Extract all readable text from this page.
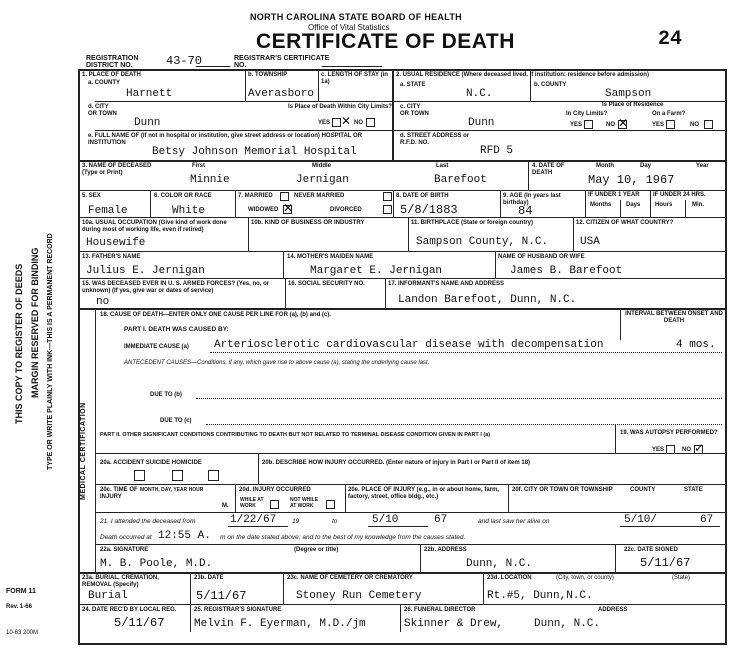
THIS COPY TO REGISTER OF DEEDS MARGIN RESERVED FOR BINDING TYPE OR WRITE PLAINLY WITH INK—THIS IS A PERMANENT RECORD	MEDICAL CERTIFICATION
FORM 11
Rev. 1-66
10-63 200M
NORTH CAROLINA STATE BOARD OF HEALTH
Office of Vital Statistics
CERTIFICATE OF DEATH	24
REGISTRATION DISTRICT NO.	43-70	REGISTRAR'S CERTIFICATE NO.
1. PLACE OF DEATH
a. COUNTY
Harnett
b. TOWNSHIP
Averasboro
c. LENGTH OF STAY (in 1a)
d. CITY OR TOWN
Dunn
Is Place of Death Within City Limits?
YES ✕ NO
e. FULL NAME OF (If not in hospital or institution, give street address or location) HOSPITAL OR INSTITUTION
Betsy Johnson Memorial Hospital
2. USUAL RESIDENCE (Where deceased lived. If institution: residence before admission)
a. STATE
N.C.
b. COUNTY
Sampson
c. CITY OR TOWN
Dunn
Is Place of Residence
In City Limits?	On a Farm?
YES	NO ✕	YES	NO
d. STREET ADDRESS or R.F.D. NO.
RFD 5
3. NAME OF DECEASED (Type or Print)
First	Middle	Last
Minnie	Jernigan	Barefoot
4. DATE OF DEATH
Month	Day	Year
May 10, 1967
5. SEX
Female
6. COLOR OR RACE
White
7. MARRIED	NEVER MARRIED
WIDOWED ✕	DIVORCED
8. DATE OF BIRTH
5/8/1883
9. AGE (In years last birthday)
84
IF UNDER 1 YEAR IF UNDER 24 HRS.
Months Days Hours	Min.
10a. USUAL OCCUPATION (Give kind of work done during most of working life, even if retired)
Housewife
10b. KIND OF BUSINESS OR INDUSTRY	11. BIRTHPLACE (State or foreign country)
Sampson County, N.C.
12. CITIZEN OF WHAT COUNTRY?
USA
13. FATHER'S NAME
Julius E. Jernigan
14. MOTHER'S MAIDEN NAME
Margaret E. Jernigan
NAME OF HUSBAND OR WIFE
James B. Barefoot
15. WAS DECEASED EVER IN U. S. ARMED FORCES? (Yes, no, or unknown) (If yes, give war or dates of service)
no
16. SOCIAL SECURITY NO.	17. INFORMANT'S NAME AND ADDRESS
Landon Barefoot, Dunn, N.C.
18. CAUSE OF DEATH—ENTER ONLY ONE CAUSE PER LINE FOR (a), (b) and (c).	INTERVAL BETWEEN ONSET AND DEATH
PART I. DEATH WAS CAUSED BY:
IMMEDIATE CAUSE (a) Arteriosclerotic cardiovascular disease with decompensation	4 mos.
ANTECEDENT CAUSES—Conditions, if any, which gave rise to above cause (a), stating the underlying cause last.
DUE TO (b)
DUE TO (c)
PART II. OTHER SIGNIFICANT CONDITIONS CONTRIBUTING TO DEATH BUT NOT RELATED TO TERMINAL DISEASE CONDITION GIVEN IN PART I (a)	19. WAS AUTOPSY PERFORMED?
YES	NO ✓
20a. ACCIDENT SUICIDE HOMICIDE	20b. DESCRIBE HOW INJURY OCCURRED. (Enter nature of injury in Part I or Part II of item 18)
20c. TIME OF INJURY
MONTH, DAY, YEAR HOUR
M.
20d. INJURY OCCURRED
WHILE AT WORK
NOT WHILE AT WORK
20e. PLACE OF INJURY (e.g., in or about home, farm, factory, street, office bldg., etc.)
20f. CITY OR TOWN OR TOWNSHIP	COUNTY	STATE
21. I attended the deceased from	1/22/67 19	to	5/10	67	and last saw her alive on	5/10/	67
Death occurred at 12:55 A. m on the date stated above; and to the best of my knowledge from the causes stated.
22a. SIGNATURE
M. B. Poole, M.D.
(Degree or title)	22b. ADDRESS
Dunn, N.C.
22c. DATE SIGNED
5/11/67
23a. BURIAL, CREMATION, REMOVAL (Specify)
Burial
23b. DATE
5/11/67
23c. NAME OF CEMETERY OR CREMATORY
Stoney Run Cemetery
23d. LOCATION	(City, town, or county)	(State)
Rt.#5, Dunn,N.C.
24. DATE REC'D BY LOCAL REG.
5/11/67
25. REGISTRAR'S SIGNATURE
Melvin F. Eyerman, M.D./jm
26. FUNERAL DIRECTOR
Skinner & Drew,
ADDRESS
Dunn, N.C.
